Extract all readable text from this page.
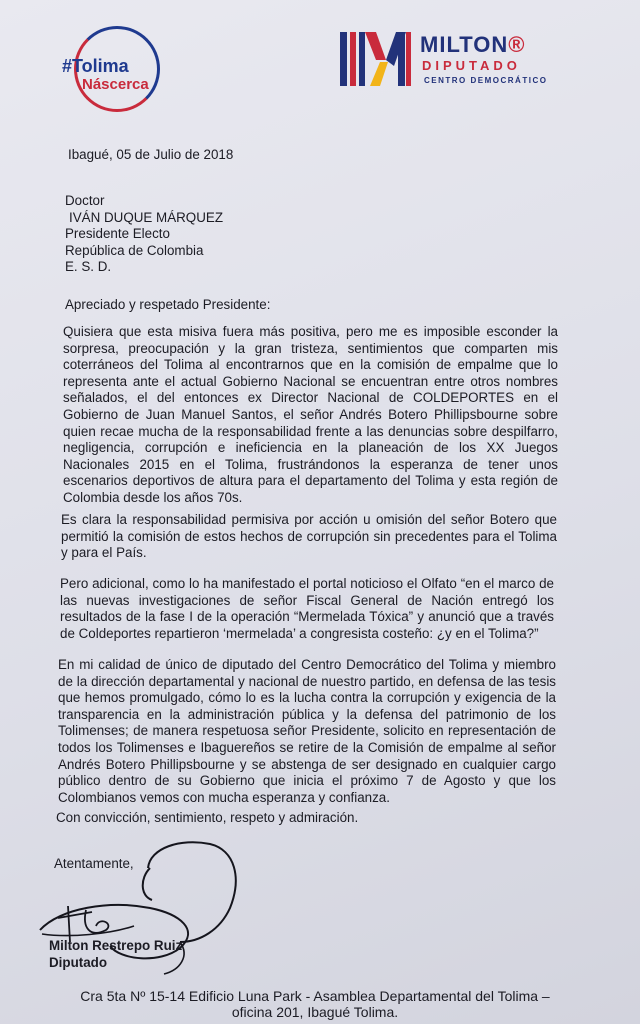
#Tolima
Náscerca
MILTON®
DIPUTADO
CENTRO DEMOCRÁTICO
Ibagué, 05 de Julio de 2018
Doctor
IVÁN DUQUE MÁRQUEZ
Presidente Electo
República de Colombia
E. S. D.
Apreciado y respetado Presidente:
Quisiera que esta misiva fuera más positiva, pero me es imposible esconder la sorpresa, preocupación y la gran tristeza, sentimientos que comparten mis coterráneos del Tolima al encontrarnos que en la comisión de empalme que lo representa ante el actual Gobierno Nacional se encuentran entre otros nombres señalados, el del entonces ex Director Nacional de COLDEPORTES en el Gobierno de Juan Manuel Santos, el señor Andrés Botero Phillipsbourne sobre quien recae mucha de la responsabilidad frente a las denuncias sobre despilfarro, negligencia, corrupción e ineficiencia en la planeación de los XX Juegos Nacionales 2015 en el Tolima, frustrándonos la esperanza de tener unos escenarios deportivos de altura para el departamento del Tolima y esta región de Colombia desde los años 70s.
Es clara la responsabilidad permisiva por acción u omisión del señor Botero que permitió la comisión de estos hechos de corrupción sin precedentes para el Tolima y para el País.
Pero adicional, como lo ha manifestado el portal noticioso el Olfato “en el marco de las nuevas investigaciones de señor Fiscal General de Nación entregó los resultados de la fase I de la operación “Mermelada Tóxica” y anunció que a través de Coldeportes repartieron ‘mermelada’ a congresista costeño: ¿y en el Tolima?”
En mi calidad de único de diputado del Centro Democrático del Tolima y miembro de la dirección departamental y nacional de nuestro partido, en defensa de las tesis que hemos promulgado, cómo lo es la lucha contra la corrupción y exigencia de la transparencia en la administración pública y la defensa del patrimonio de los Tolimenses; de manera respetuosa señor Presidente, solicito en representación de todos los Tolimenses e Ibaguereños se retire de la Comisión de empalme al señor Andrés Botero Phillipsbourne y se abstenga de ser designado en cualquier cargo público dentro de su Gobierno que inicia el próximo 7 de Agosto y que los Colombianos vemos con mucha esperanza y confianza.
Con convicción, sentimiento, respeto y admiración.
Atentamente,
Milton Restrepo Ruiz
Diputado
Cra 5ta Nº 15-14 Edificio Luna Park - Asamblea Departamental del Tolima –
oficina 201, Ibagué Tolima.
